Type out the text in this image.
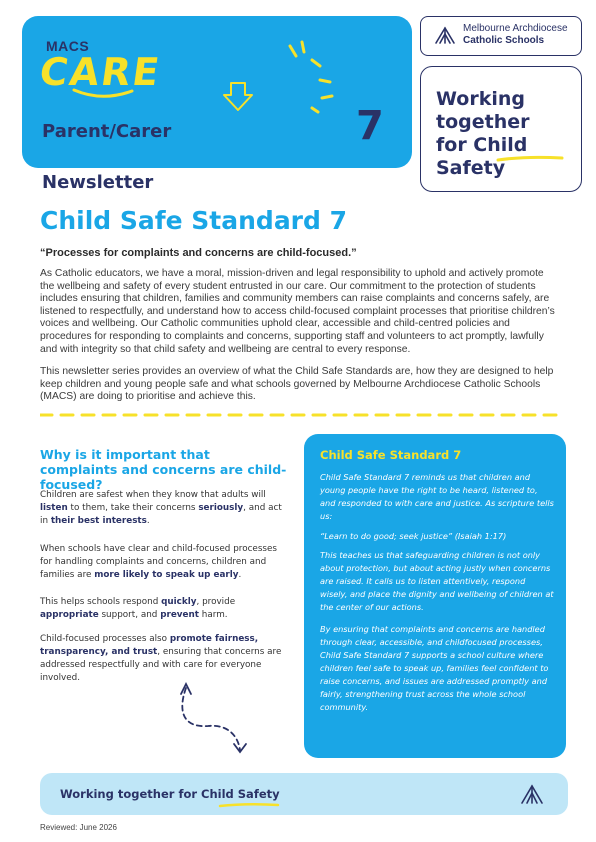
MACS
CARE
Parent/Carer	7
Melbourne Archdiocese
Catholic Schools
Working
together
for Child
Safety
Newsletter
Child Safe Standard 7
“Processes for complaints and concerns are child-focused.”
As Catholic educators, we have a moral, mission-driven and legal responsibility to uphold and actively promote the wellbeing and safety of every student entrusted in our care. Our commitment to the protection of students includes ensuring that children, families and community members can raise complaints and concerns safely, are listened to respectfully, and understand how to access child-focused complaint processes that prioritise children’s voices and wellbeing. Our Catholic communities uphold clear, accessible and child-centred policies and procedures for responding to complaints and concerns, supporting staff and volunteers to act promptly, lawfully and with integrity so that child safety and wellbeing are central to every response.
This newsletter series provides an overview of what the Child Safe Standards are, how they are designed to help keep children and young people safe and what schools governed by Melbourne Archdiocese Catholic Schools (MACS) are doing to prioritise and achieve this.
Why is it important that complaints and concerns are child-focused?
Children are safest when they know that adults will listen to them, take their concerns seriously, and act in their best interests.
When schools have clear and child-focused processes for handling complaints and concerns, children and families are more likely to speak up early.
This helps schools respond quickly, provide appropriate support, and prevent harm.
Child-focused processes also promote fairness, transparency, and trust, ensuring that concerns are addressed respectfully and with care for everyone involved.
Child Safe Standard 7
Child Safe Standard 7 reminds us that children and young people have the right to be heard, listened to, and responded to with care and justice. As scripture tells us:
“Learn to do good; seek justice” (Isaiah 1:17)
This teaches us that safeguarding children is not only about protection, but about acting justly when concerns are raised. It calls us to listen attentively, respond wisely, and place the dignity and wellbeing of children at the center of our actions.
By ensuring that complaints and concerns are handled through clear, accessible, and childfocused processes, Child Safe Standard 7 supports a school culture where children feel safe to speak up, families feel confident to raise concerns, and issues are addressed promptly and fairly, strengthening trust across the whole school community.
Working together for Child Safety
Reviewed: June 2026
